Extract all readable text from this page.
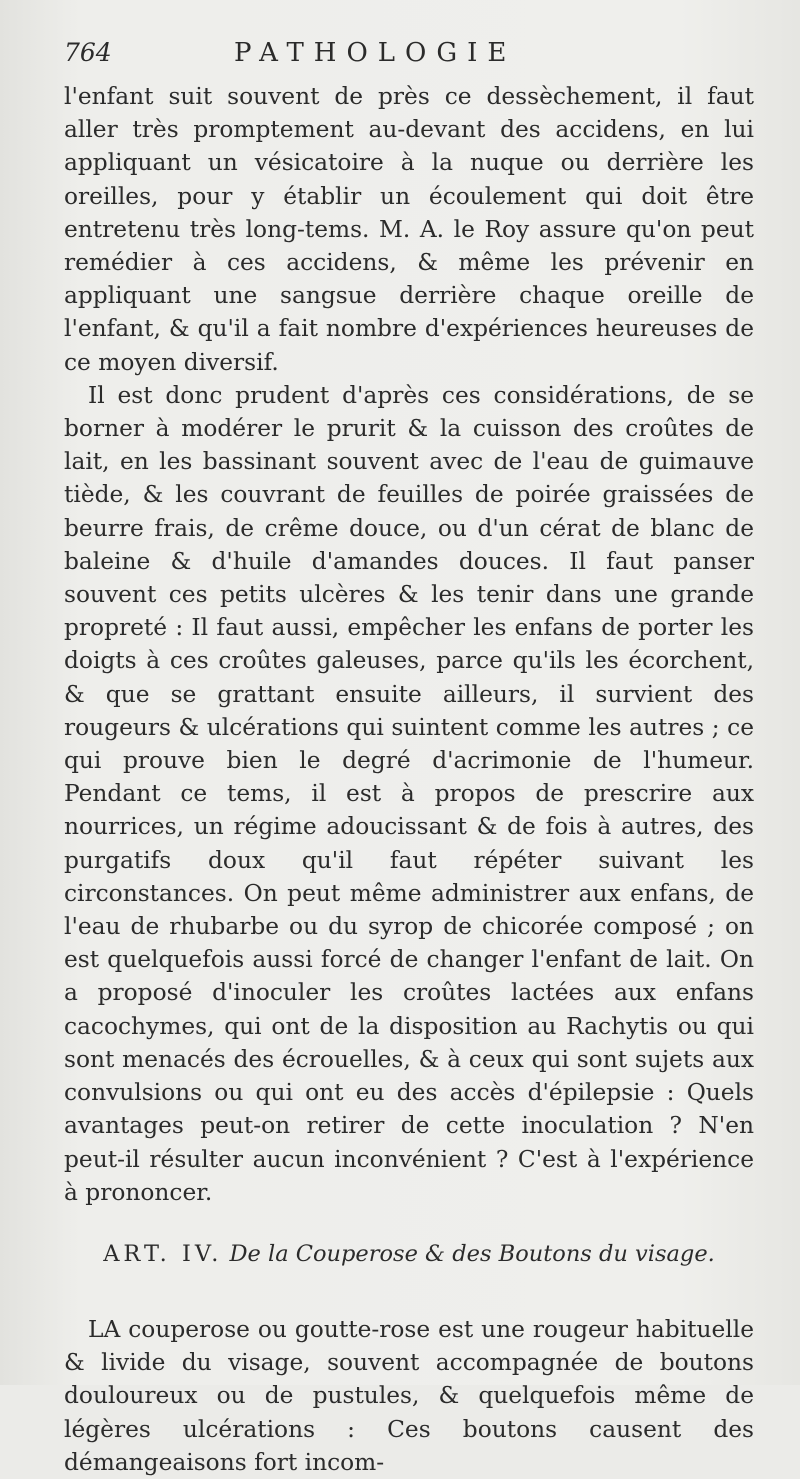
764	PATHOLOGIE

l'enfant suit souvent de près ce dessèchement, il faut aller très promptement au-devant des accidens, en lui appliquant un vésicatoire à la nuque ou derrière les oreilles, pour y établir un écoulement qui doit être entretenu très long-tems. M. A. le Roy assure qu'on peut remédier à ces accidens, & même les prévenir en appliquant une sangsue derrière chaque oreille de l'enfant, & qu'il a fait nombre d'expériences heureuses de ce moyen diversif.

Il est donc prudent d'après ces considérations, de se borner à modérer le prurit & la cuisson des croûtes de lait, en les bassinant souvent avec de l'eau de guimauve tiède, & les couvrant de feuilles de poirée graissées de beurre frais, de crême douce, ou d'un cérat de blanc de baleine & d'huile d'amandes douces. Il faut panser souvent ces petits ulcères & les tenir dans une grande propreté : Il faut aussi, empêcher les enfans de porter les doigts à ces croûtes galeuses, parce qu'ils les écorchent, & que se grattant ensuite ailleurs, il survient des rougeurs & ulcérations qui suintent comme les autres ; ce qui prouve bien le degré d'acrimonie de l'humeur. Pendant ce tems, il est à propos de prescrire aux nourrices, un régime adoucissant & de fois à autres, des purgatifs doux qu'il faut répéter suivant les circonstances. On peut même administrer aux enfans, de l'eau de rhubarbe ou du syrop de chicorée composé ; on est quelquefois aussi forcé de changer l'enfant de lait. On a proposé d'inoculer les croûtes lactées aux enfans cacochymes, qui ont de la disposition au Rachytis ou qui sont menacés des écrouelles, & à ceux qui sont sujets aux convulsions ou qui ont eu des accès d'épilepsie : Quels avantages peut-on retirer de cette inoculation ? N'en peut-il résulter aucun inconvénient ? C'est à l'expérience à prononcer.

ART. IV. De la Couperose & des Boutons du visage.

LA couperose ou goutte-rose est une rougeur habituelle & livide du visage, souvent accompagnée de boutons douloureux ou de pustules, & quelquefois même de légères ulcérations : Ces boutons causent des démangeaisons fort incom-
